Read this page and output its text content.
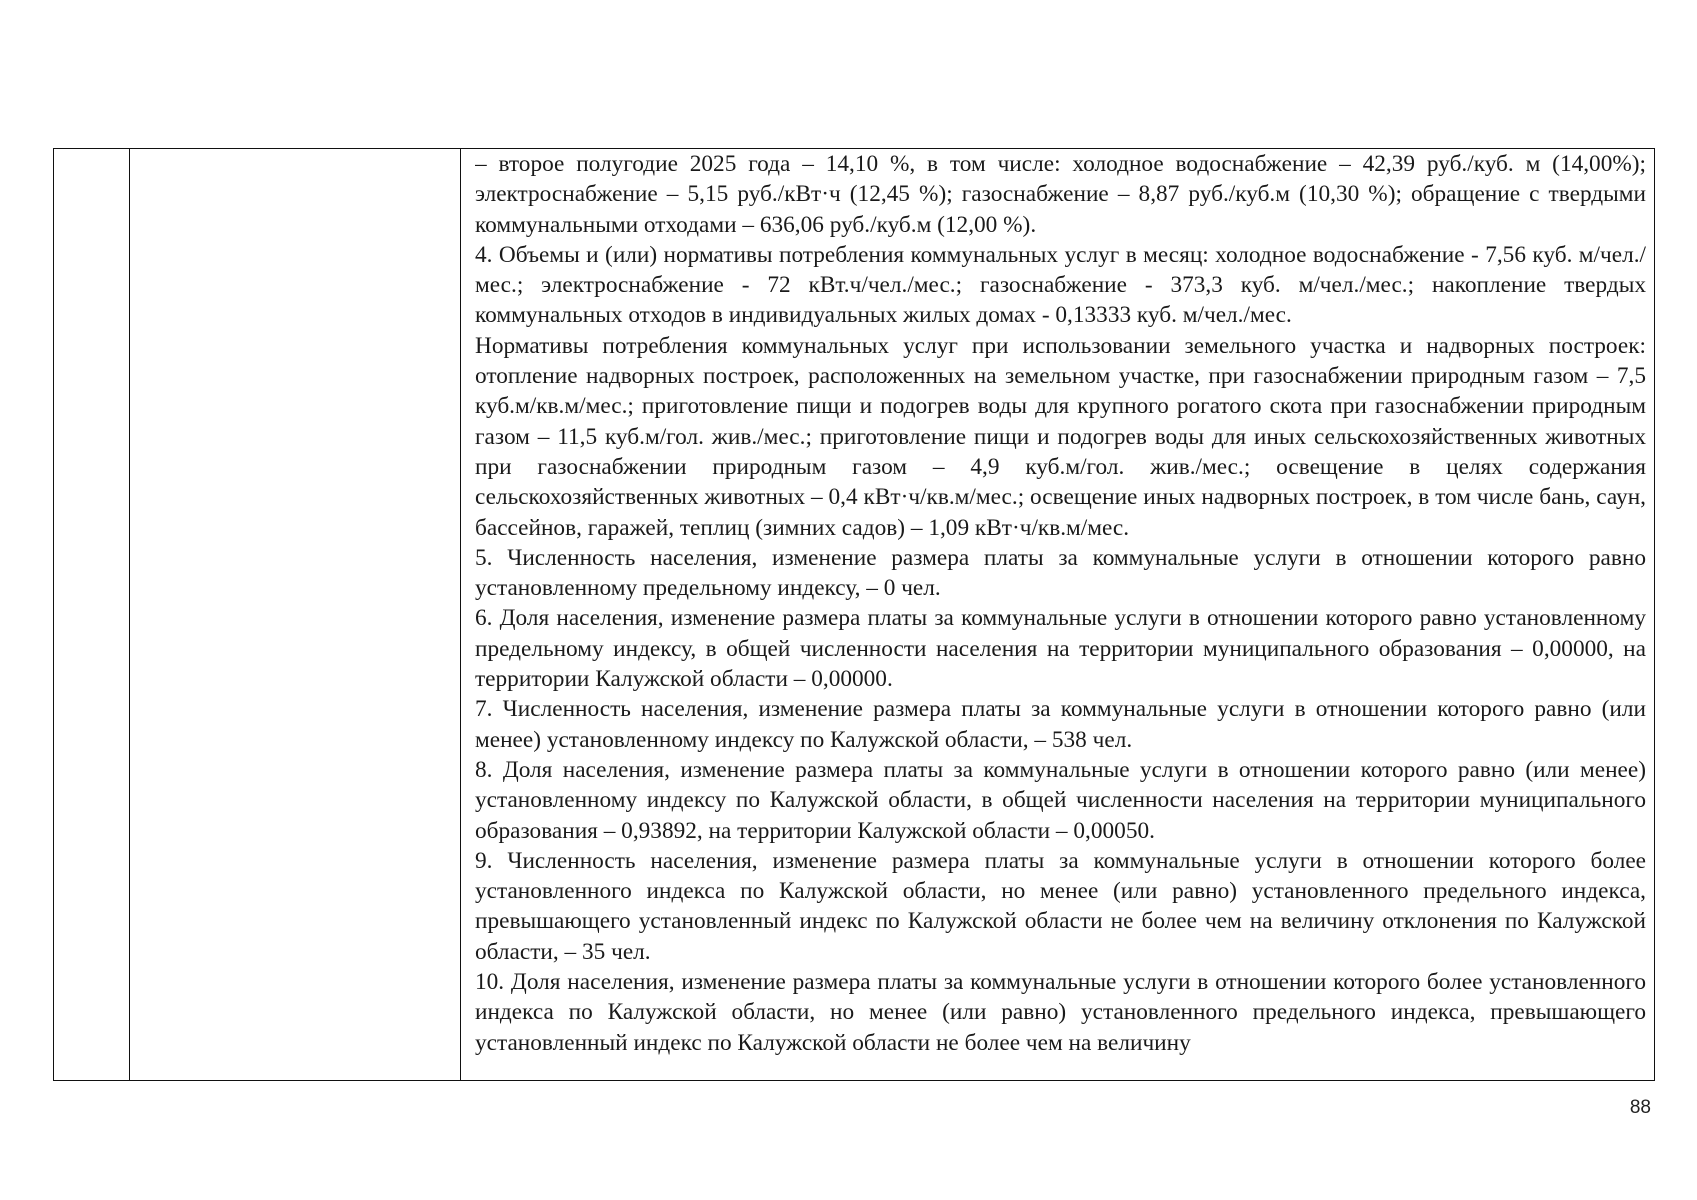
– второе полугодие 2025 года – 14,10 %, в том числе: холодное водоснабжение – 42,39 руб./куб. м (14,00%); электроснабжение – 5,15 руб./кВт·ч (12,45 %); газоснабжение – 8,87 руб./куб.м (10,30 %); обращение с твердыми коммунальными отходами – 636,06 руб./куб.м (12,00 %).

4. Объемы и (или) нормативы потребления коммунальных услуг в месяц: холодное водоснабжение - 7,56 куб. м/чел./мес.; электроснабжение - 72 кВт.ч/чел./мес.; газоснабжение - 373,3 куб. м/чел./мес.; накопление твердых коммунальных отходов в индивидуальных жилых домах - 0,13333 куб. м/чел./мес.

Нормативы потребления коммунальных услуг при использовании земельного участка и надворных построек: отопление надворных построек, расположенных на земельном участке, при газоснабжении природным газом – 7,5 куб.м/кв.м/мес.; приготовление пищи и подогрев воды для крупного рогатого скота при газоснабжении природным газом – 11,5 куб.м/гол. жив./мес.; приготовление пищи и подогрев воды для иных сельскохозяйственных животных при газоснабжении природным газом – 4,9 куб.м/гол. жив./мес.; освещение в целях содержания сельскохозяйственных животных – 0,4 кВт·ч/кв.м/мес.; освещение иных надворных построек, в том числе бань, саун, бассейнов, гаражей, теплиц (зимних садов) – 1,09 кВт·ч/кв.м/мес.

5. Численность населения, изменение размера платы за коммунальные услуги в отношении которого равно установленному предельному индексу, – 0 чел.

6. Доля населения, изменение размера платы за коммунальные услуги в отношении которого равно установленному предельному индексу, в общей численности населения на территории муниципального образования – 0,00000, на территории Калужской области – 0,00000.

7. Численность населения, изменение размера платы за коммунальные услуги в отношении которого равно (или менее) установленному индексу по Калужской области, – 538 чел.

8. Доля населения, изменение размера платы за коммунальные услуги в отношении которого равно (или менее) установленному индексу по Калужской области, в общей численности населения на территории муниципального образования – 0,93892, на территории Калужской области – 0,00050.

9. Численность населения, изменение размера платы за коммунальные услуги в отношении которого более установленного индекса по Калужской области, но менее (или равно) установленного предельного индекса, превышающего установленный индекс по Калужской области не более чем на величину отклонения по Калужской области, – 35 чел.

10. Доля населения, изменение размера платы за коммунальные услуги в отношении которого более установленного индекса по Калужской области, но менее (или равно) установленного предельного индекса, превышающего установленный индекс по Калужской области не более чем на величину

88
